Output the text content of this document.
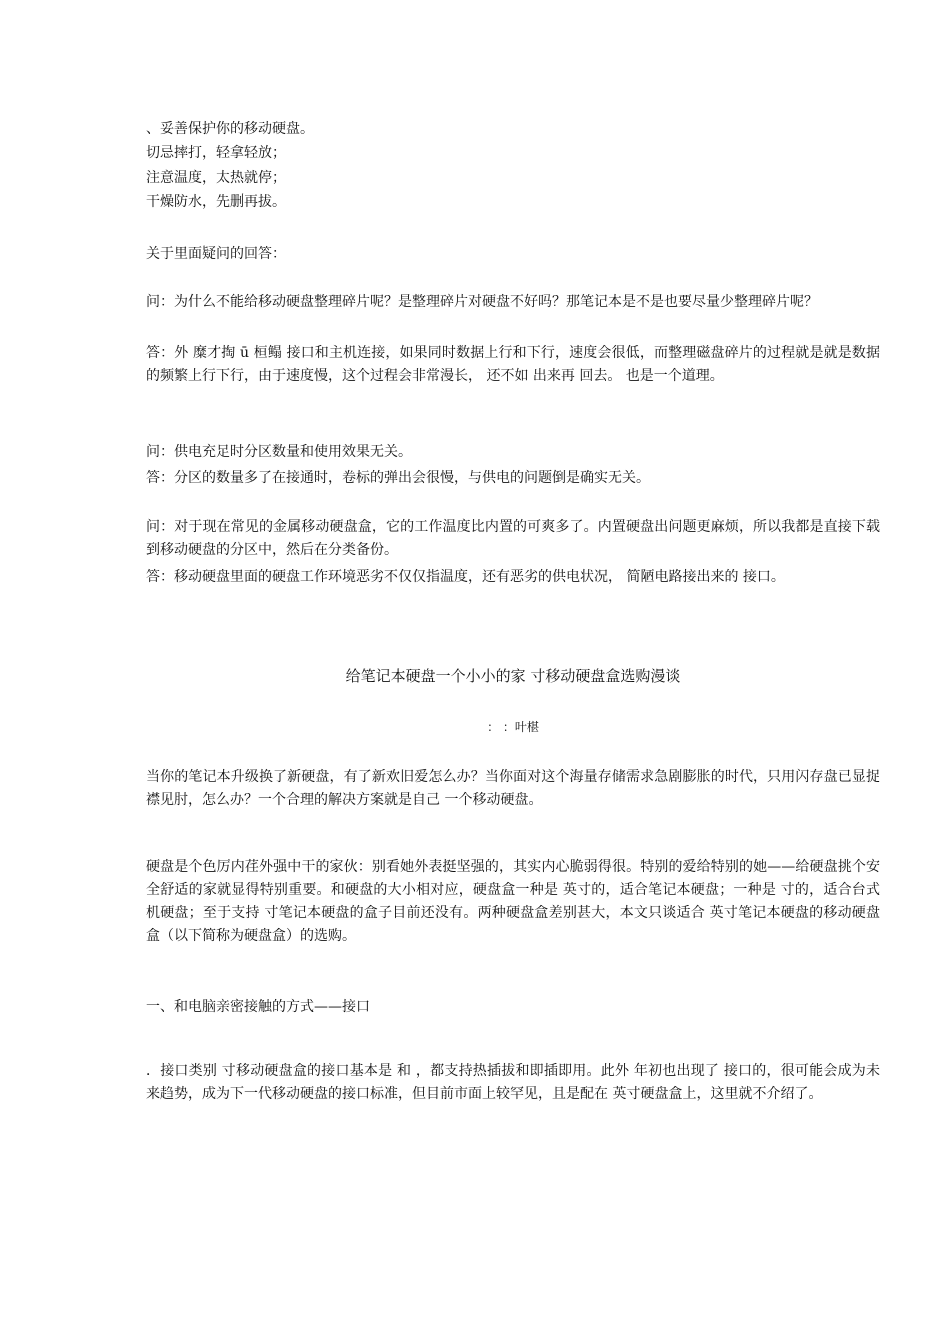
、妥善保护你的移动硬盘。
切忌摔打，轻拿轻放；
注意温度，太热就停；
干燥防水，先删再拔。
关于里面疑问的回答：
问：为什么不能给移动硬盘整理碎片呢？是整理碎片对硬盘不好吗？那笔记本是不是也要尽量少整理碎片呢？
答：外 糜才掏 ū 桓鳎 接口和主机连接，如果同时数据上行和下行，速度会很低，而整理磁盘碎片的过程就是就是数据的频繁上行下行，由于速度慢，这个过程会非常漫长， 还不如 出来再 回去。 也是一个道理。
问：供电充足时分区数量和使用效果无关。
答：分区的数量多了在接通时，卷标的弹出会很慢，与供电的问题倒是确实无关。
问：对于现在常见的金属移动硬盘盒，它的工作温度比内置的可爽多了。内置硬盘出问题更麻烦，所以我都是直接下载到移动硬盘的分区中，然后在分类备份。
答：移动硬盘里面的硬盘工作环境恶劣不仅仅指温度，还有恶劣的供电状况， 简陋电路接出来的 接口。
给笔记本硬盘一个小小的家 寸移动硬盘盒选购漫谈
： ：叶椹
当你的笔记本升级换了新硬盘，有了新欢旧爱怎么办？当你面对这个海量存储需求急剧膨胀的时代，只用闪存盘已显捉襟见肘，怎么办？一个合理的解决方案就是自己 一个移动硬盘。
硬盘是个色厉内荏外强中干的家伙：别看她外表挺坚强的，其实内心脆弱得很。特别的爱给特别的她——给硬盘挑个安全舒适的家就显得特别重要。和硬盘的大小相对应，硬盘盒一种是 英寸的，适合笔记本硬盘；一种是 寸的，适合台式机硬盘；至于支持 寸笔记本硬盘的盒子目前还没有。两种硬盘盒差别甚大，本文只谈适合 英寸笔记本硬盘的移动硬盘盒（以下简称为硬盘盒）的选购。
一、和电脑亲密接触的方式——接口
．接口类别 寸移动硬盘盒的接口基本是 和 ，都支持热插拔和即插即用。此外 年初也出现了 接口的，很可能会成为未来趋势，成为下一代移动硬盘的接口标准，但目前市面上较罕见，且是配在 英寸硬盘盒上，这里就不介绍了。
